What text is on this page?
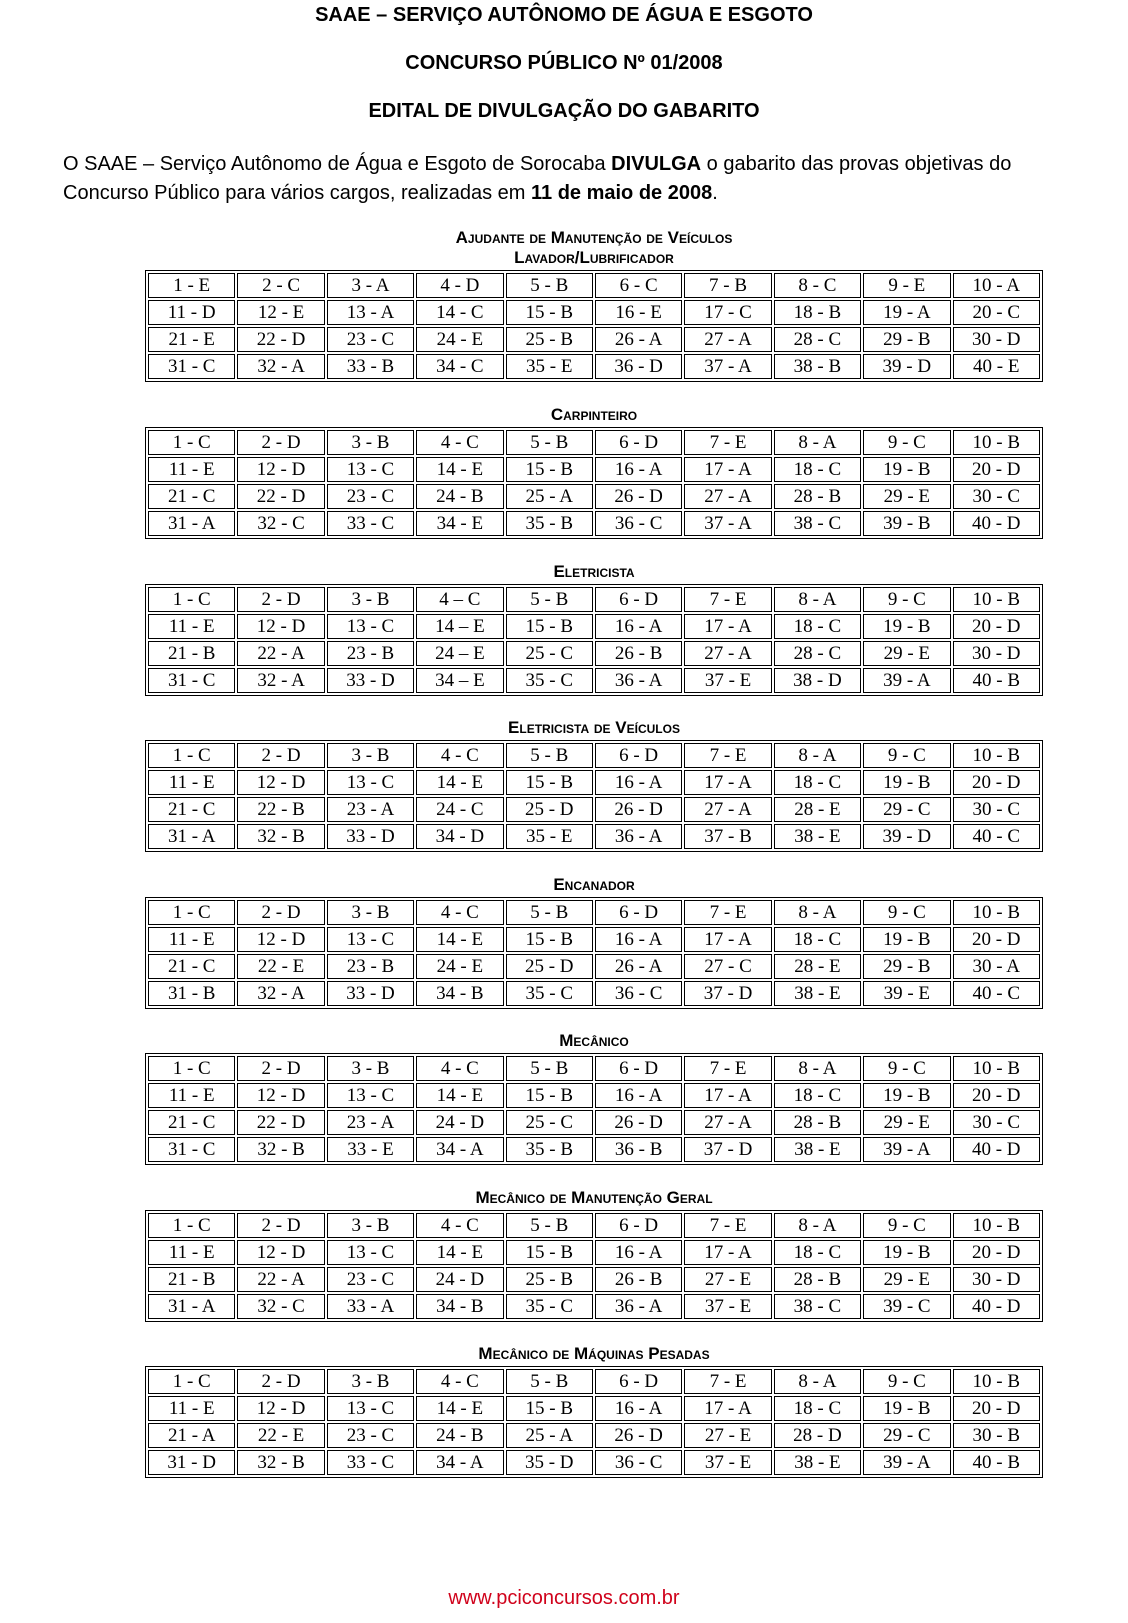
SAAE – SERVIÇO AUTÔNOMO DE ÁGUA E ESGOTO
CONCURSO PÚBLICO Nº 01/2008
EDITAL DE DIVULGAÇÃO DO GABARITO

O SAAE – Serviço Autônomo de Água e Esgoto de Sorocaba DIVULGA o gabarito das provas objetivas do
Concurso Público para vários cargos, realizadas em 11 de maio de 2008.

Ajudante de Manutenção de Veículos
Lavador/Lubrificador
1 - E	2 - C	3 - A	4 - D	5 - B	6 - C	7 - B	8 - C	9 - E	10 - A
11 - D	12 - E	13 - A	14 - C	15 - B	16 - E	17 - C	18 - B	19 - A	20 - C
21 - E	22 - D	23 - C	24 - E	25 - B	26 - A	27 - A	28 - C	29 - B	30 - D
31 - C	32 - A	33 - B	34 - C	35 - E	36 - D	37 - A	38 - B	39 - D	40 - E
Carpinteiro
1 - C	2 - D	3 - B	4 - C	5 - B	6 - D	7 - E	8 - A	9 - C	10 - B
11 - E	12 - D	13 - C	14 - E	15 - B	16 - A	17 - A	18 - C	19 - B	20 - D
21 - C	22 - D	23 - C	24 - B	25 - A	26 - D	27 - A	28 - B	29 - E	30 - C
31 - A	32 - C	33 - C	34 - E	35 - B	36 - C	37 - A	38 - C	39 - B	40 - D
Eletricista
1 - C	2 - D	3 - B	4 – C	5 - B	6 - D	7 - E	8 - A	9 - C	10 - B
11 - E	12 - D	13 - C	14 – E	15 - B	16 - A	17 - A	18 - C	19 - B	20 - D
21 - B	22 - A	23 - B	24 – E	25 - C	26 - B	27 - A	28 - C	29 - E	30 - D
31 - C	32 - A	33 - D	34 – E	35 - C	36 - A	37 - E	38 - D	39 - A	40 - B
Eletricista de Veículos
1 - C	2 - D	3 - B	4 - C	5 - B	6 - D	7 - E	8 - A	9 - C	10 - B
11 - E	12 - D	13 - C	14 - E	15 - B	16 - A	17 - A	18 - C	19 - B	20 - D
21 - C	22 - B	23 - A	24 - C	25 - D	26 - D	27 - A	28 - E	29 - C	30 - C
31 - A	32 - B	33 - D	34 - D	35 - E	36 - A	37 - B	38 - E	39 - D	40 - C
Encanador
1 - C	2 - D	3 - B	4 - C	5 - B	6 - D	7 - E	8 - A	9 - C	10 - B
11 - E	12 - D	13 - C	14 - E	15 - B	16 - A	17 - A	18 - C	19 - B	20 - D
21 - C	22 - E	23 - B	24 - E	25 - D	26 - A	27 - C	28 - E	29 - B	30 - A
31 - B	32 - A	33 - D	34 - B	35 - C	36 - C	37 - D	38 - E	39 - E	40 - C
Mecânico
1 - C	2 - D	3 - B	4 - C	5 - B	6 - D	7 - E	8 - A	9 - C	10 - B
11 - E	12 - D	13 - C	14 - E	15 - B	16 - A	17 - A	18 - C	19 - B	20 - D
21 - C	22 - D	23 - A	24 - D	25 - C	26 - D	27 - A	28 - B	29 - E	30 - C
31 - C	32 - B	33 - E	34 - A	35 - B	36 - B	37 - D	38 - E	39 - A	40 - D
Mecânico de Manutenção Geral
1 - C	2 - D	3 - B	4 - C	5 - B	6 - D	7 - E	8 - A	9 - C	10 - B
11 - E	12 - D	13 - C	14 - E	15 - B	16 - A	17 - A	18 - C	19 - B	20 - D
21 - B	22 - A	23 - C	24 - D	25 - B	26 - B	27 - E	28 - B	29 - E	30 - D
31 - A	32 - C	33 - A	34 - B	35 - C	36 - A	37 - E	38 - C	39 - C	40 - D
Mecânico de Máquinas Pesadas
1 - C	2 - D	3 - B	4 - C	5 - B	6 - D	7 - E	8 - A	9 - C	10 - B
11 - E	12 - D	13 - C	14 - E	15 - B	16 - A	17 - A	18 - C	19 - B	20 - D
21 - A	22 - E	23 - C	24 - B	25 - A	26 - D	27 - E	28 - D	29 - C	30 - B
31 - D	32 - B	33 - C	34 - A	35 - D	36 - C	37 - E	38 - E	39 - A	40 - B
www.pciconcursos.com.br
